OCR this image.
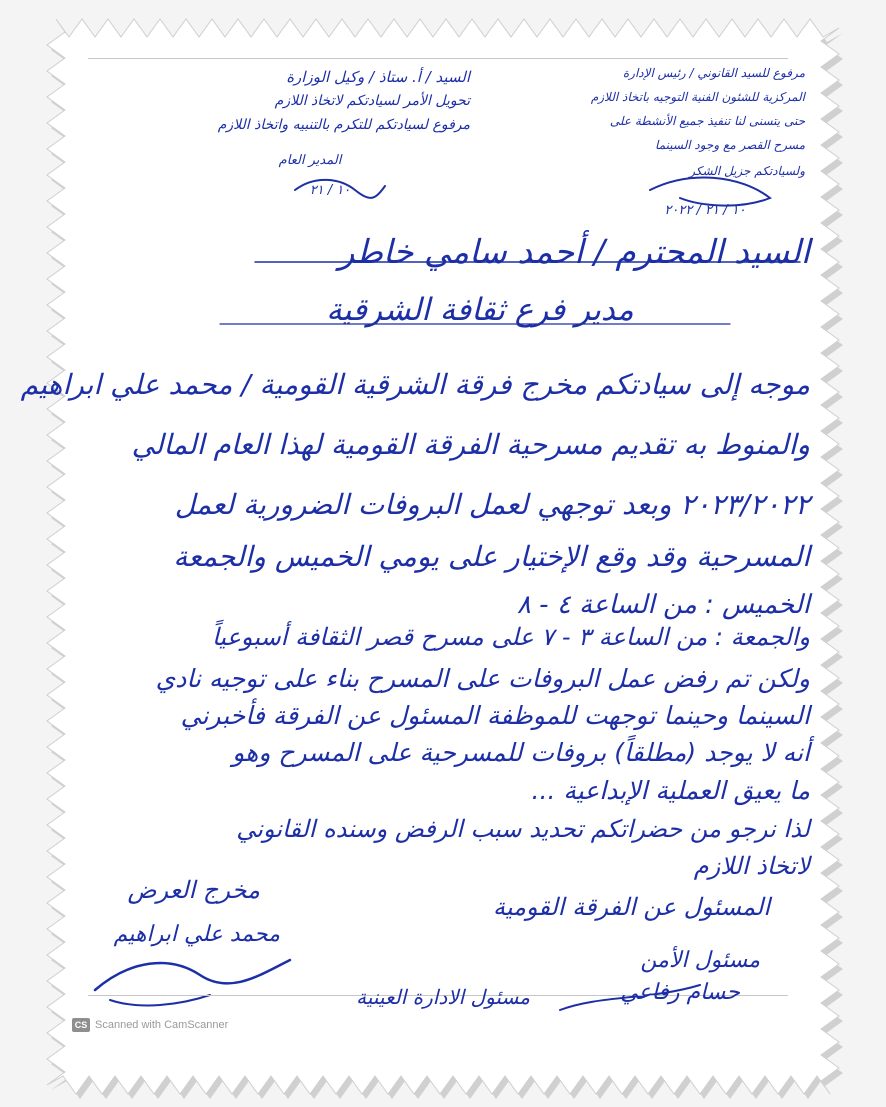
السيد / أ. ستاذ / وكيل الوزارة
تحويل الأمر لسيادتكم لاتخاذ اللازم
مرفوع لسيادتكم للتكرم بالتنبيه واتخاذ اللازم
المدير العام
١٠ / ٢١
مرفوع للسيد القانوني / رئيس الإدارة
المركزية للشئون الفنية التوجيه باتخاذ اللازم
حتى يتسنى لنا تنفيذ جميع الأنشطة على
مسرح القصر مع وجود السينما
ولسيادتكم جزيل الشكر
١٠ / ٢١ / ٢٠٢٢
السيد المحترم / أحمد سامي خاطر
مدير فرع ثقافة الشرقية
موجه إلى سيادتكم مخرج فرقة الشرقية القومية / محمد علي ابراهيم
والمنوط به تقديم مسرحية الفرقة القومية لهذا العام المالي
٢٠٢٣/٢٠٢٢ وبعد توجهي لعمل البروفات الضرورية لعمل
المسرحية وقد وقع الإختيار على يومي الخميس والجمعة
الخميس : من الساعة ٤ - ٨
والجمعة : من الساعة ٣ - ٧ على مسرح قصر الثقافة أسبوعياً
ولكن تم رفض عمل البروفات على المسرح بناء على توجيه نادي
السينما وحينما توجهت للموظفة المسئول عن الفرقة فأخبرني
أنه لا يوجد (مطلقاً) بروفات للمسرحية على المسرح وهو
ما يعيق العملية الإبداعية ...
لذا نرجو من حضراتكم تحديد سبب الرفض وسنده القانوني
لاتخاذ اللازم
مخرج العرض
محمد علي ابراهيم
المسئول عن الفرقة القومية
مسئول الادارة العينية
مسئول الأمن
حسام رفاعي
CS Scanned with CamScanner
